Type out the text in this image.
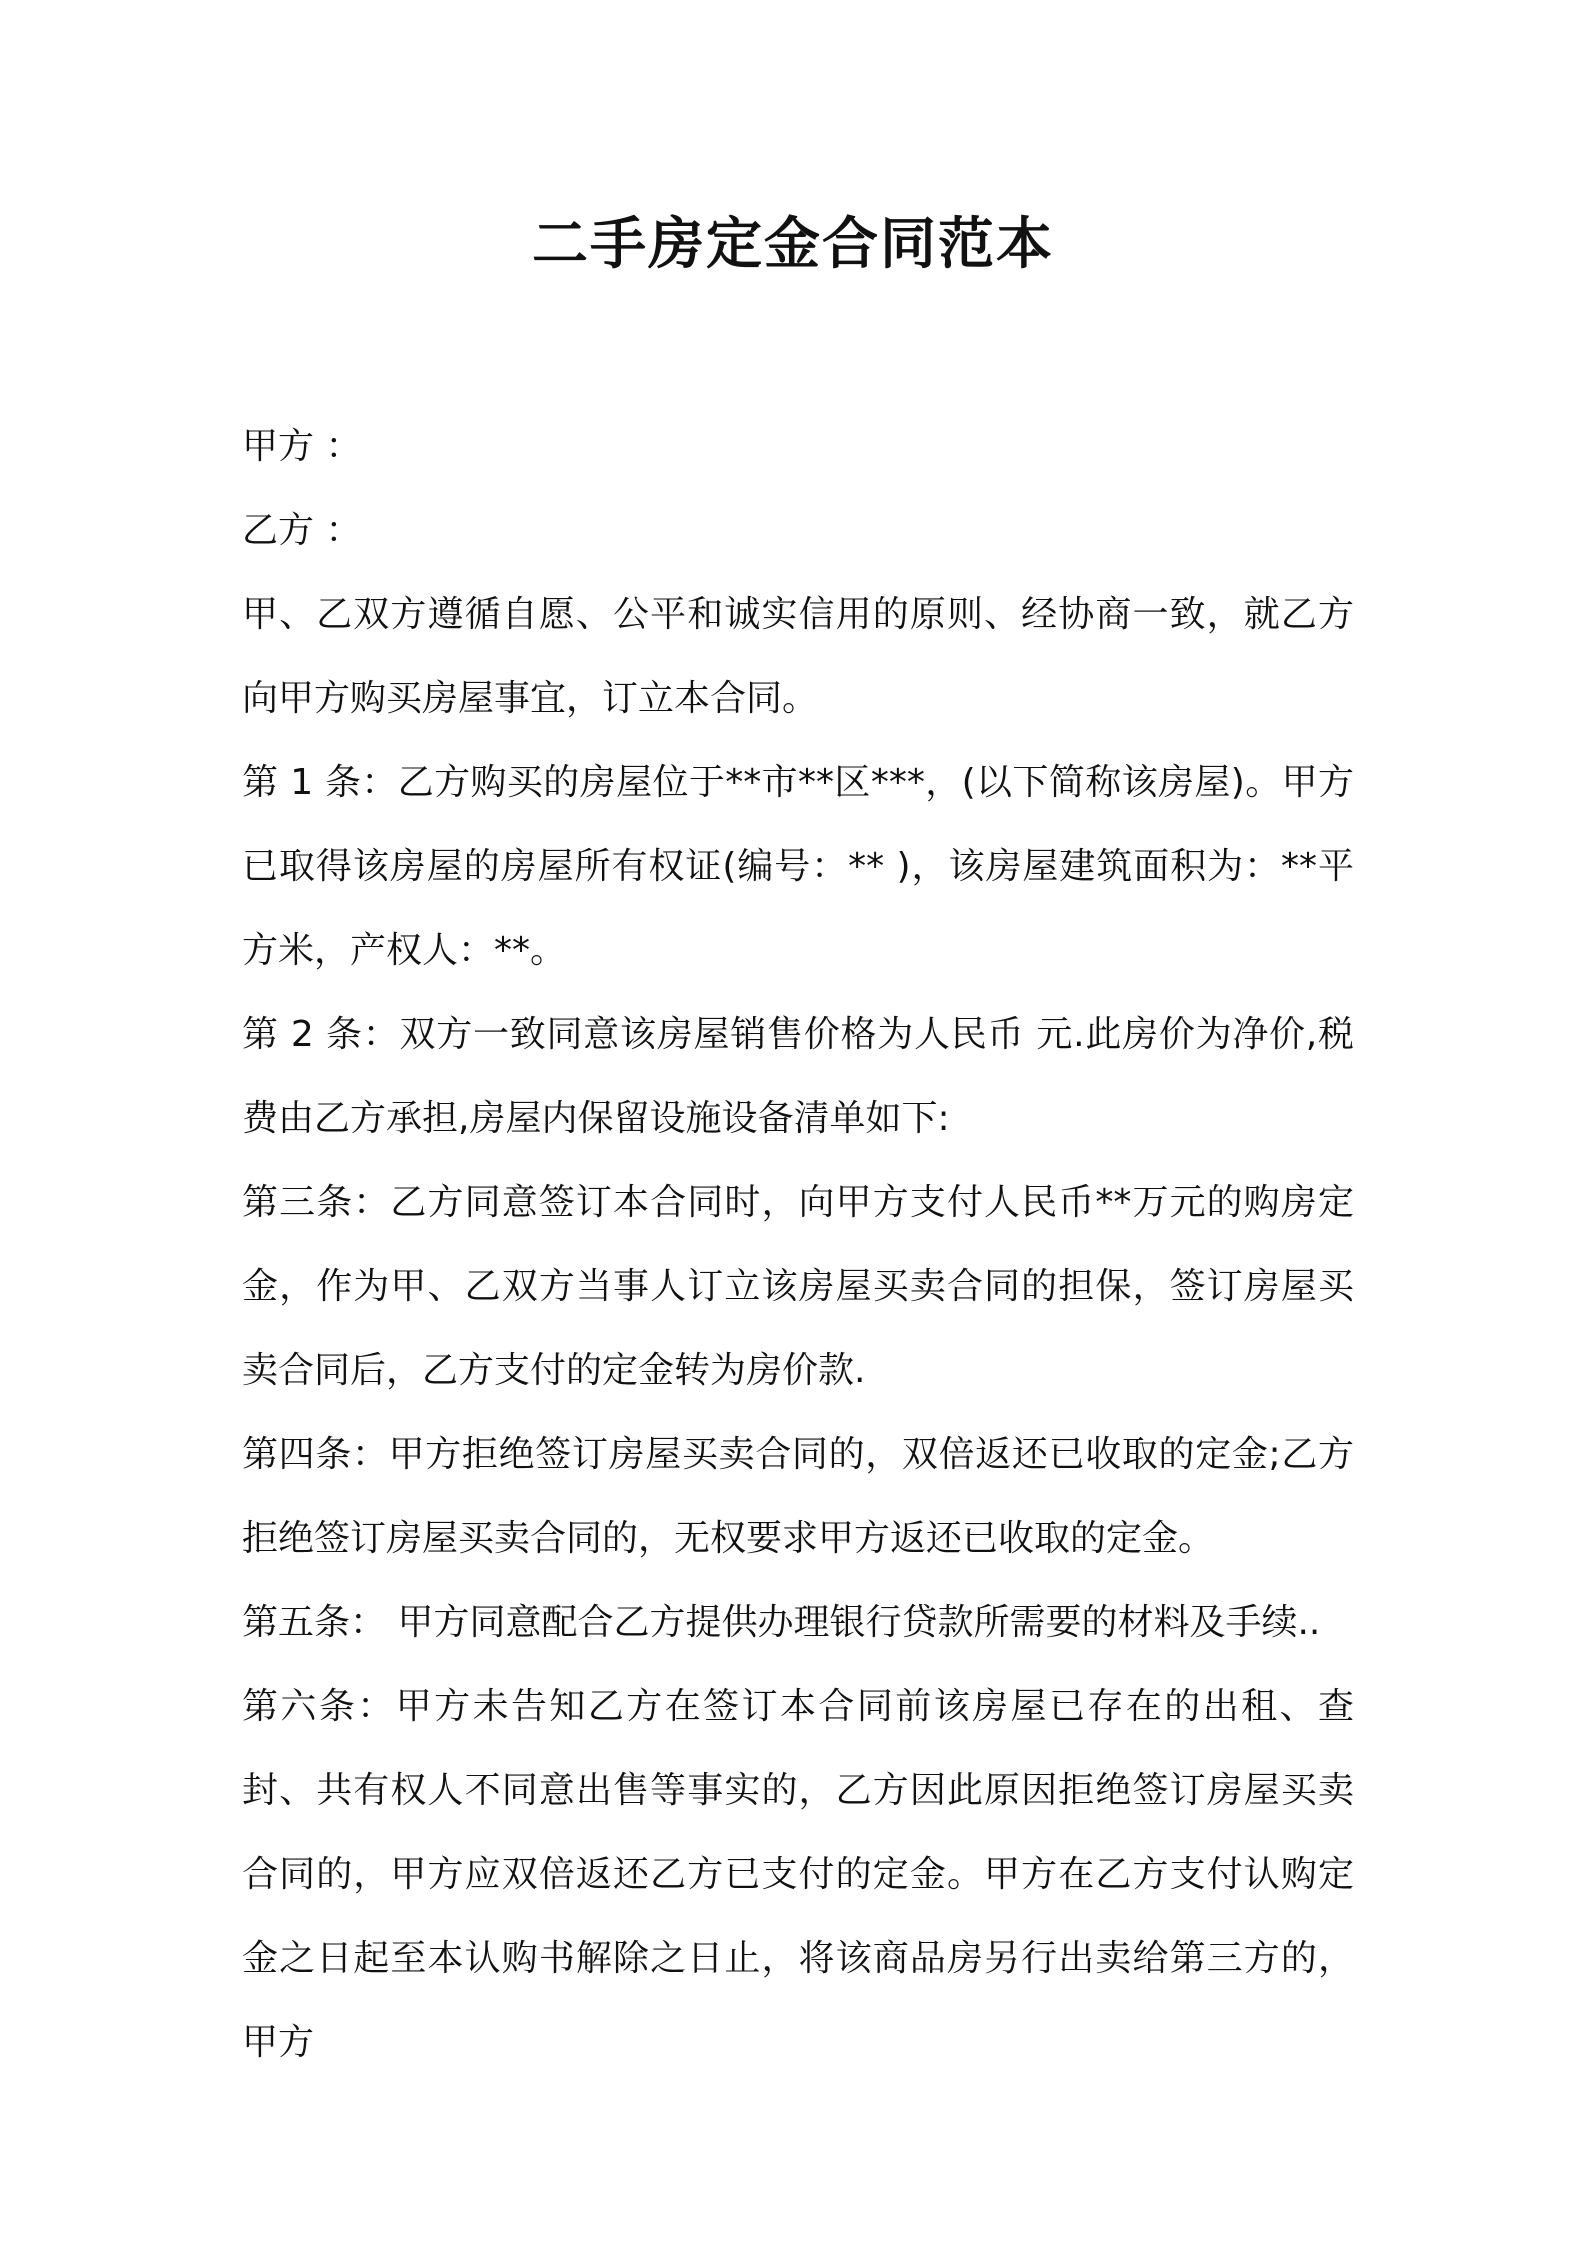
二手房定金合同范本

甲方 ：

乙方 ：

甲、乙双方遵循自愿、公平和诚实信用的原则、经协商一致，就乙方向甲方购买房屋事宜，订立本合同。

第 1 条：乙方购买的房屋位于**市**区***，(以下简称该房屋)。甲方已取得该房屋的房屋所有权证(编号：** )，该房屋建筑面积为：**平方米，产权人：**。

第 2 条：双方一致同意该房屋销售价格为人民币 元.此房价为净价,税费由乙方承担,房屋内保留设施设备清单如下:

第三条：乙方同意签订本合同时，向甲方支付人民币**万元的购房定金，作为甲、乙双方当事人订立该房屋买卖合同的担保，签订房屋买卖合同后，乙方支付的定金转为房价款.

第四条：甲方拒绝签订房屋买卖合同的，双倍返还已收取的定金;乙方拒绝签订房屋买卖合同的，无权要求甲方返还已收取的定金。

第五条： 甲方同意配合乙方提供办理银行贷款所需要的材料及手续..

第六条：甲方未告知乙方在签订本合同前该房屋已存在的出租、查封、共有权人不同意出售等事实的，乙方因此原因拒绝签订房屋买卖合同的，甲方应双倍返还乙方已支付的定金。甲方在乙方支付认购定金之日起至本认购书解除之日止，将该商品房另行出卖给第三方的，甲方
